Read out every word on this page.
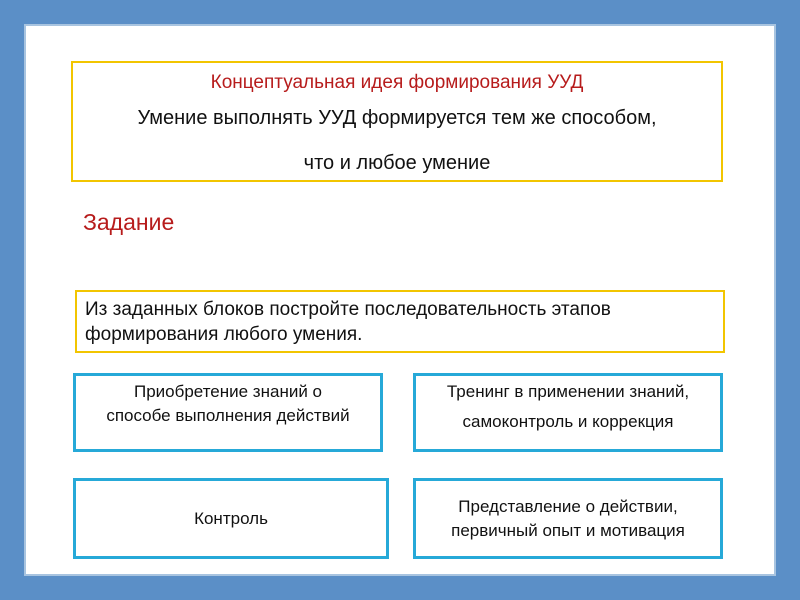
Концептуальная идея формирования УУД
Умение выполнять УУД формируется тем же способом,
что и любое умение
Задание
Из заданных блоков постройте последовательность этапов
формирования любого умения.
Приобретение знаний о
способе выполнения действий
Тренинг в применении знаний,
самоконтроль и коррекция
Контроль
Представление о действии,
первичный опыт и мотивация
